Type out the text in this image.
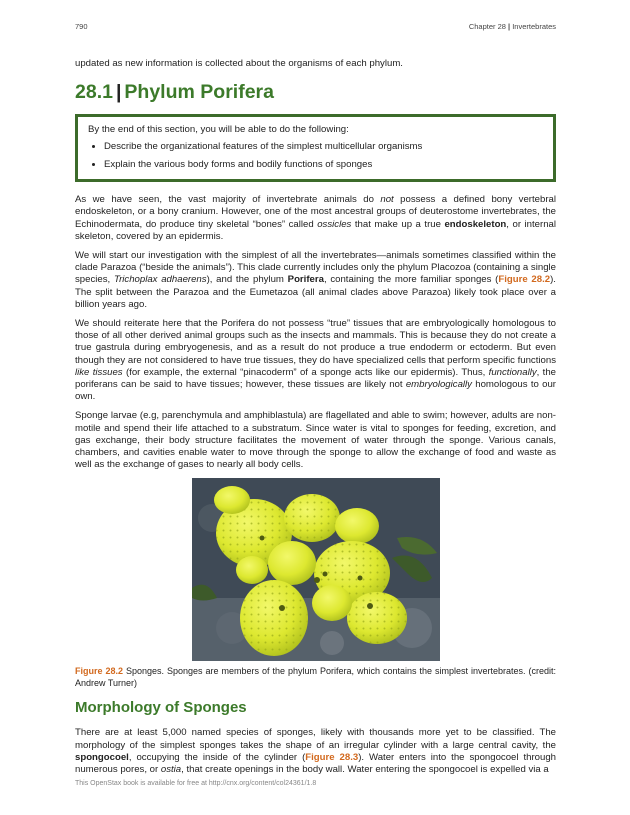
790	Chapter 28 | Invertebrates

updated as new information is collected about the organisms of each phylum.

28.1 | Phylum Porifera
By the end of this section, you will be able to do the following:
• Describe the organizational features of the simplest multicellular organisms
• Explain the various body forms and bodily functions of sponges

As we have seen, the vast majority of invertebrate animals do not possess a defined bony vertebral endoskeleton, or a bony cranium. However, one of the most ancestral groups of deuterostome invertebrates, the Echinodermata, do produce tiny skeletal “bones” called ossicles that make up a true endoskeleton, or internal skeleton, covered by an epidermis.

We will start our investigation with the simplest of all the invertebrates—animals sometimes classified within the clade Parazoa (“beside the animals”). This clade currently includes only the phylum Placozoa (containing a single species, Trichoplax adhaerens), and the phylum Porifera, containing the more familiar sponges (Figure 28.2). The split between the Parazoa and the Eumetazoa (all animal clades above Parazoa) likely took place over a billion years ago.

We should reiterate here that the Porifera do not possess “true” tissues that are embryologically homologous to those of all other derived animal groups such as the insects and mammals. This is because they do not create a true gastrula during embryogenesis, and as a result do not produce a true endoderm or ectoderm. But even though they are not considered to have true tissues, they do have specialized cells that perform specific functions like tissues (for example, the external “pinacoderm” of a sponge acts like our epidermis). Thus, functionally, the poriferans can be said to have tissues; however, these tissues are likely not embryologically homologous to our own.

Sponge larvae (e.g, parenchymula and amphiblastula) are flagellated and able to swim; however, adults are non-motile and spend their life attached to a substratum. Since water is vital to sponges for feeding, excretion, and gas exchange, their body structure facilitates the movement of water through the sponge. Various canals, chambers, and cavities enable water to move through the sponge to allow the exchange of food and waste as well as the exchange of gases to nearly all body cells.

Figure 28.2 Sponges. Sponges are members of the phylum Porifera, which contains the simplest invertebrates. (credit: Andrew Turner)

Morphology of Sponges

There are at least 5,000 named species of sponges, likely with thousands more yet to be classified. The morphology of the simplest sponges takes the shape of an irregular cylinder with a large central cavity, the spongocoel, occupying the inside of the cylinder (Figure 28.3). Water enters into the spongocoel through numerous pores, or ostia, that create openings in the body wall. Water entering the spongocoel is expelled via a

This OpenStax book is available for free at http://cnx.org/content/col24361/1.8
